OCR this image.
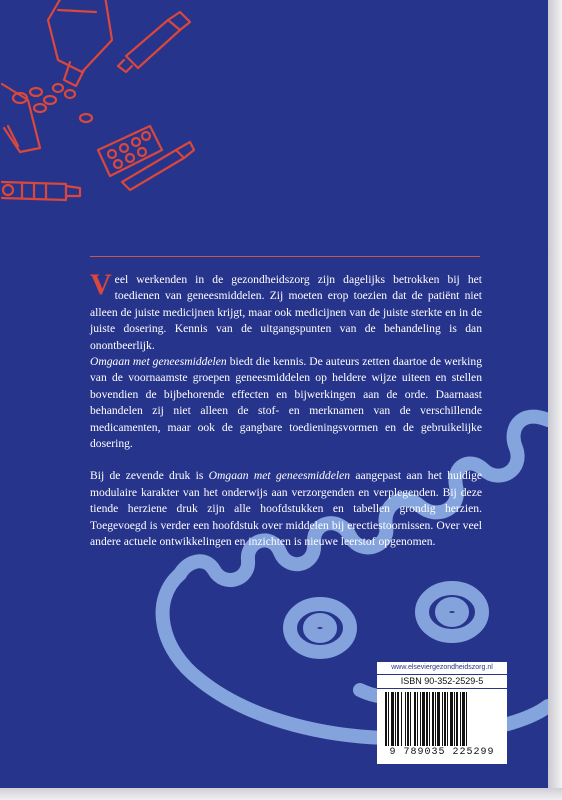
Veel werkenden in de gezondheidszorg zijn dagelijks betrokken bij het toedienen van geneesmiddelen. Zij moeten erop toezien dat de patiënt niet alleen de juiste medicijnen krijgt, maar ook medicijnen van de juiste sterkte en in de juiste dosering. Kennis van de uitgangspunten van de behandeling is dan onontbeerlijk.
Omgaan met geneesmiddelen biedt die kennis. De auteurs zetten daartoe de werking van de voornaamste groepen geneesmiddelen op heldere wijze uiteen en stellen bovendien de bijbehorende effecten en bijwerkingen aan de orde. Daarnaast behandelen zij niet alleen de stof- en merknamen van de verschillende medicamenten, maar ook de gangbare toedieningsvormen en de gebruikelijke dosering.

Bij de zevende druk is Omgaan met geneesmiddelen aangepast aan het huidige modulaire karakter van het onderwijs aan verzorgenden en verplegenden. Bij deze tiende herziene druk zijn alle hoofdstukken en tabellen grondig herzien. Toegevoegd is verder een hoofdstuk over middelen bij erectiestoornissen. Over veel andere actuele ontwikkelingen en inzichten is nieuwe leerstof opgenomen.

www.elseviergezondheidszorg.nl
ISBN 90-352-2529-5
9 789035 225299
